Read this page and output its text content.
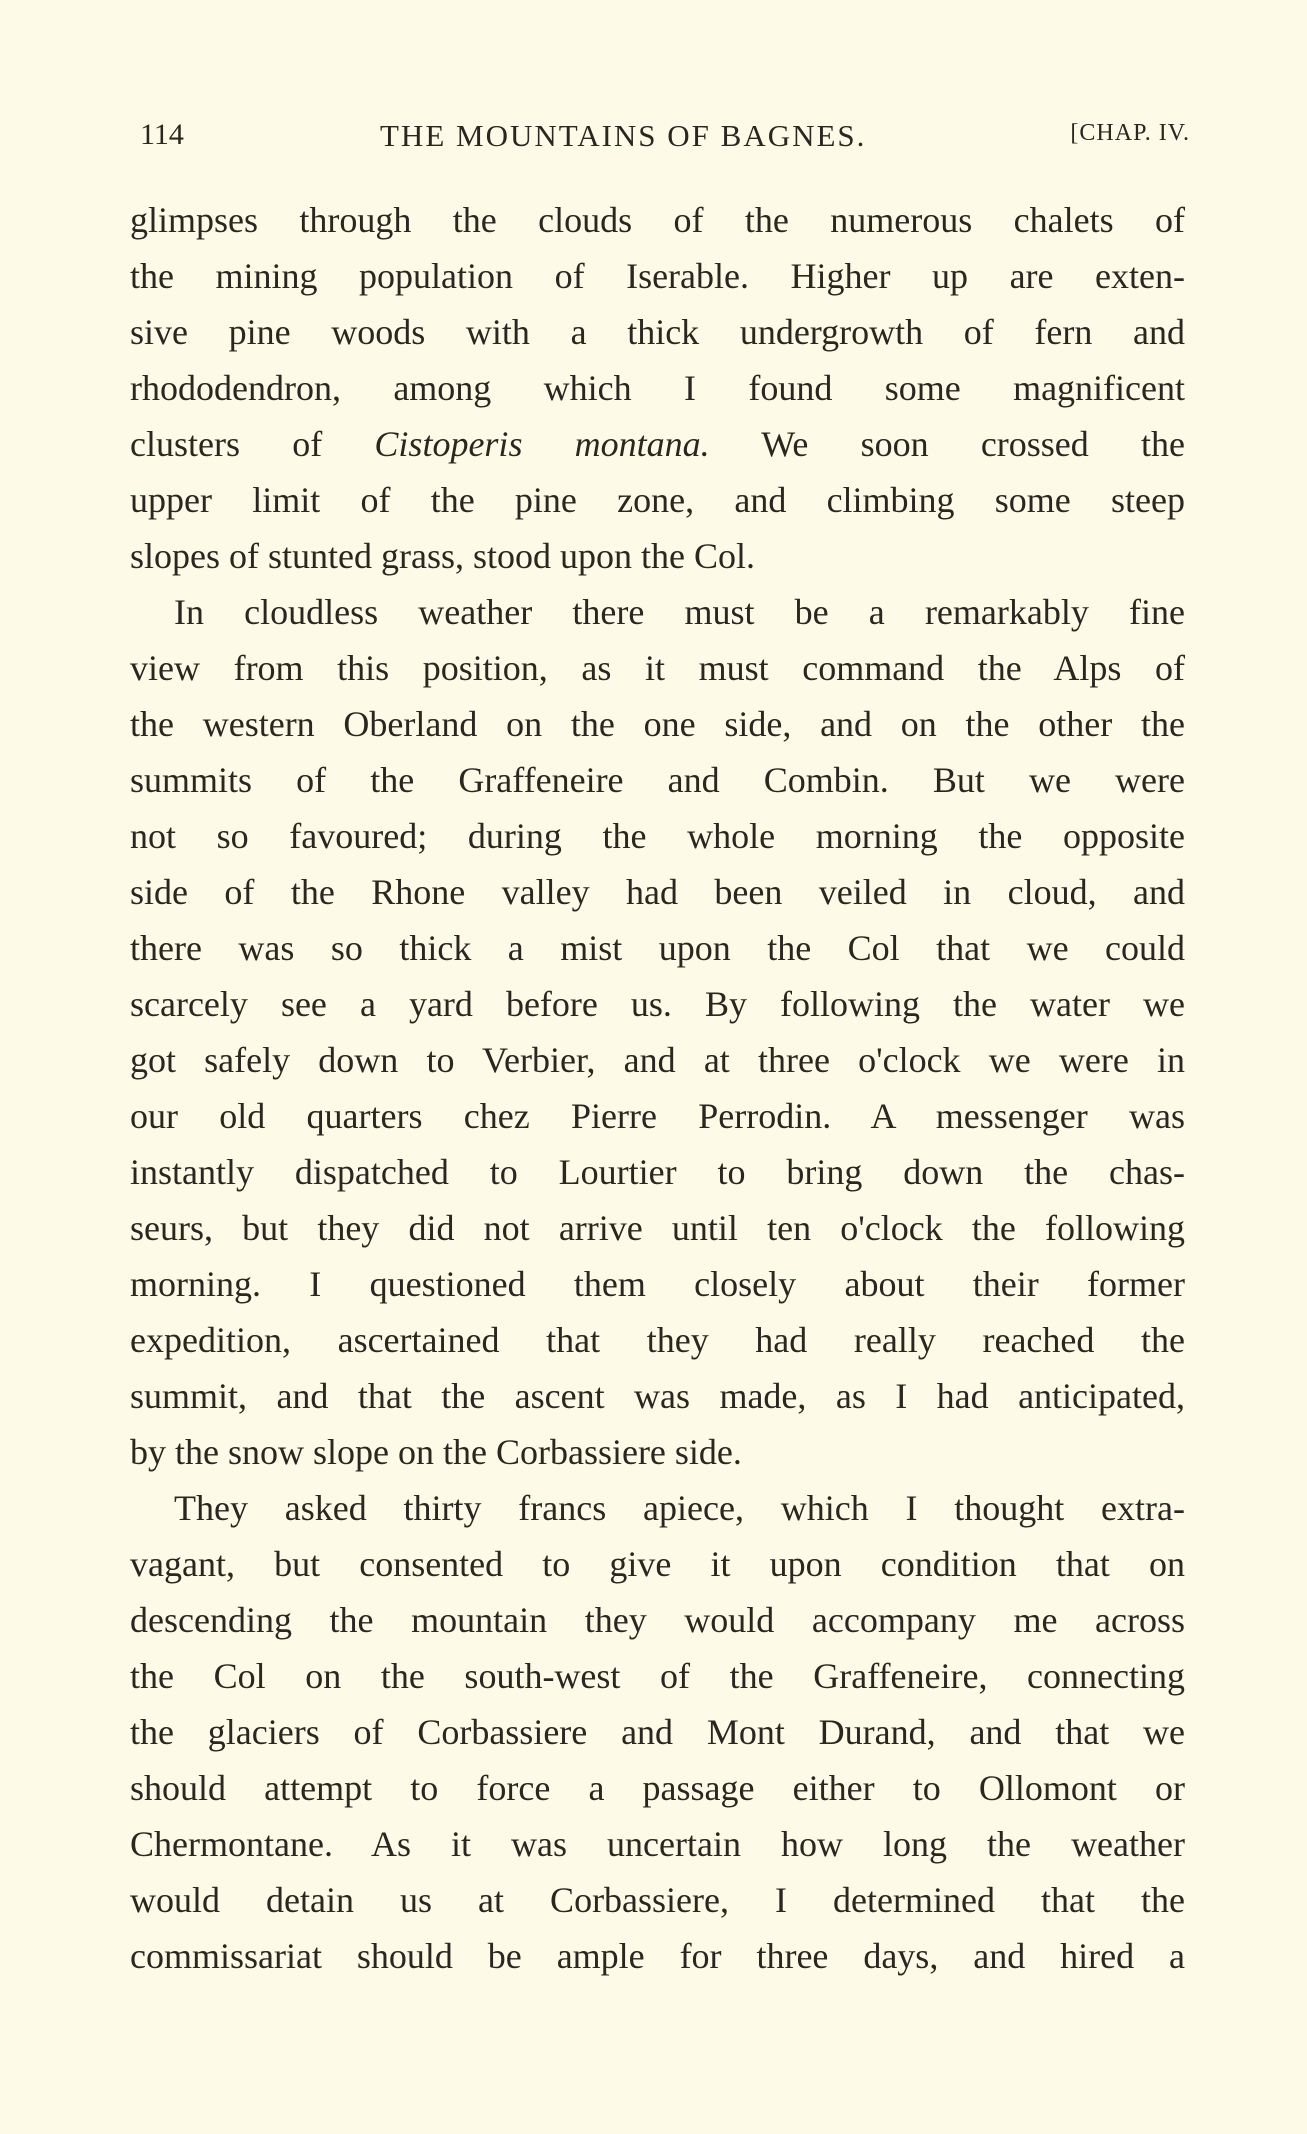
114	THE MOUNTAINS OF BAGNES.	[CHAP. IV.
glimpses through the clouds of the numerous chalets of
the mining population of Iserable. Higher up are exten-
sive pine woods with a thick undergrowth of fern and
rhododendron, among which I found some magnificent
clusters of Cistoperis montana. We soon crossed the
upper limit of the pine zone, and climbing some steep
slopes of stunted grass, stood upon the Col.
In cloudless weather there must be a remarkably fine
view from this position, as it must command the Alps of
the western Oberland on the one side, and on the other the
summits of the Graffeneire and Combin. But we were
not so favoured; during the whole morning the opposite
side of the Rhone valley had been veiled in cloud, and
there was so thick a mist upon the Col that we could
scarcely see a yard before us. By following the water we
got safely down to Verbier, and at three o'clock we were in
our old quarters chez Pierre Perrodin. A messenger was
instantly dispatched to Lourtier to bring down the chas-
seurs, but they did not arrive until ten o'clock the following
morning. I questioned them closely about their former
expedition, ascertained that they had really reached the
summit, and that the ascent was made, as I had anticipated,
by the snow slope on the Corbassiere side.
They asked thirty francs apiece, which I thought extra-
vagant, but consented to give it upon condition that on
descending the mountain they would accompany me across
the Col on the south-west of the Graffeneire, connecting
the glaciers of Corbassiere and Mont Durand, and that we
should attempt to force a passage either to Ollomont or
Chermontane. As it was uncertain how long the weather
would detain us at Corbassiere, I determined that the
commissariat should be ample for three days, and hired a
